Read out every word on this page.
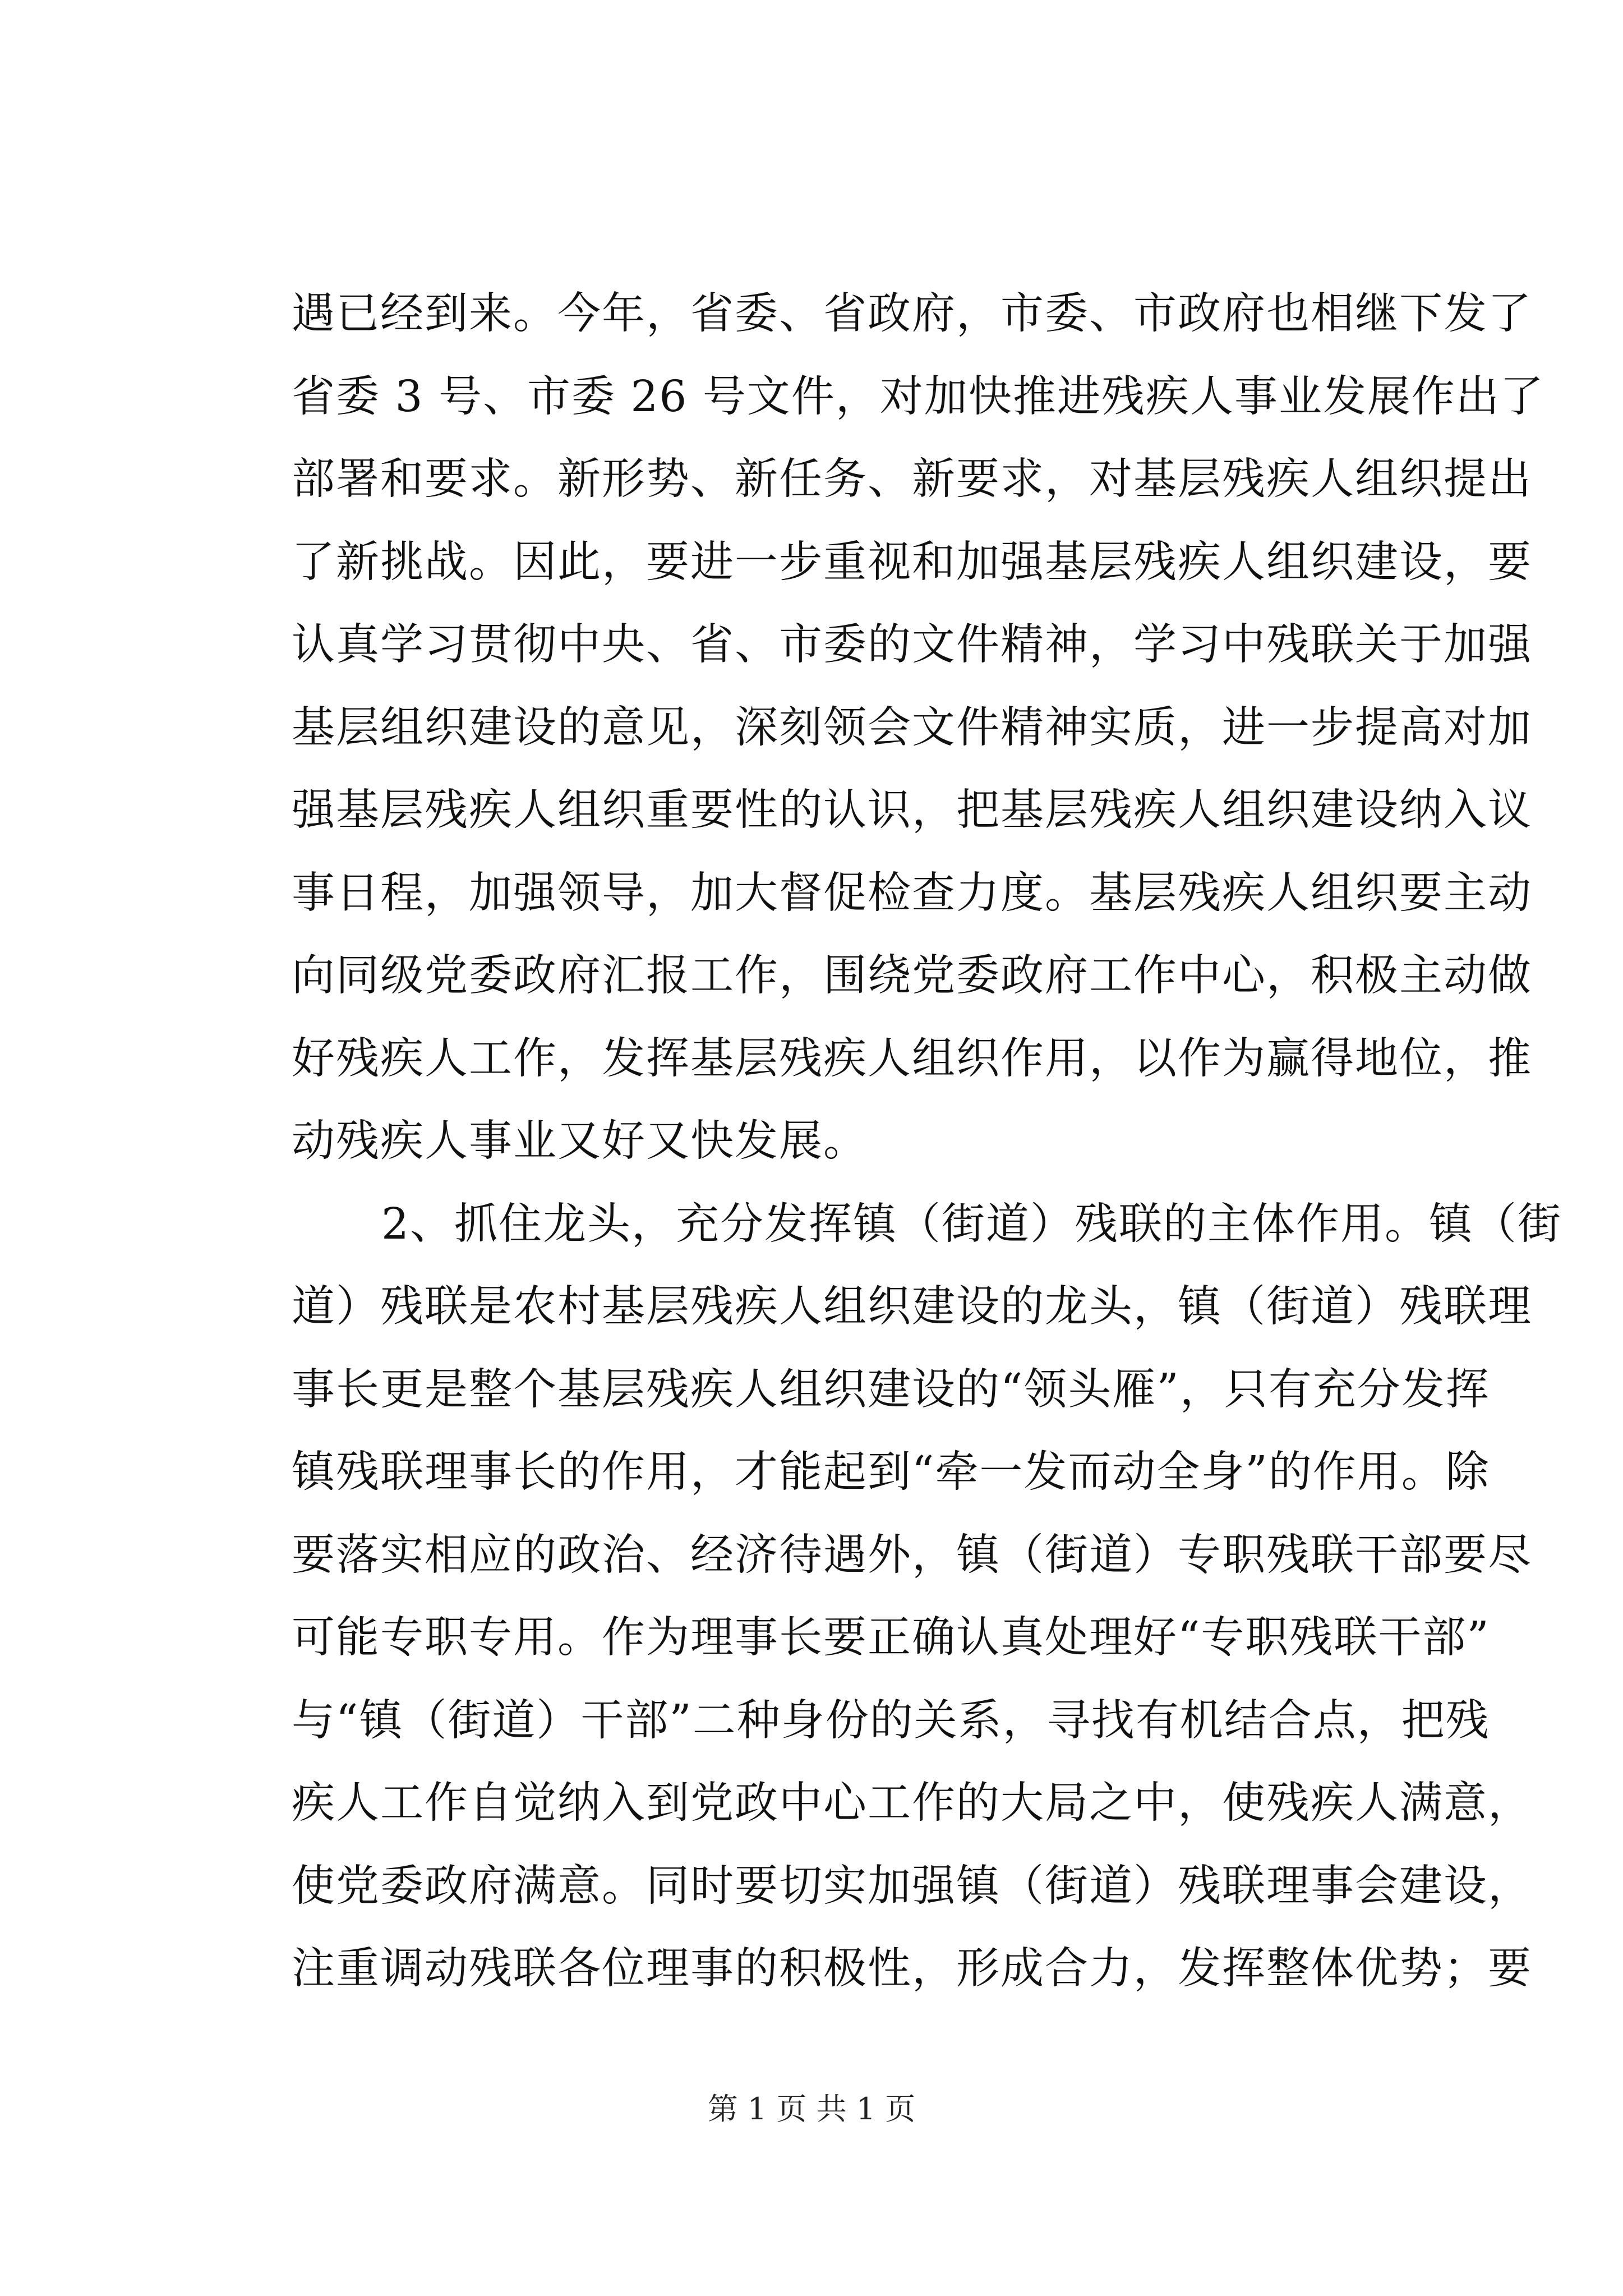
遇已经到来。今年，省委、省政府，市委、市政府也相继下发了
省委 3 号、市委 26 号文件，对加快推进残疾人事业发展作出了
部署和要求。新形势、新任务、新要求，对基层残疾人组织提出
了新挑战。因此，要进一步重视和加强基层残疾人组织建设，要
认真学习贯彻中央、省、市委的文件精神，学习中残联关于加强
基层组织建设的意见，深刻领会文件精神实质，进一步提高对加
强基层残疾人组织重要性的认识，把基层残疾人组织建设纳入议
事日程，加强领导，加大督促检查力度。基层残疾人组织要主动
向同级党委政府汇报工作，围绕党委政府工作中心，积极主动做
好残疾人工作，发挥基层残疾人组织作用，以作为赢得地位，推
动残疾人事业又好又快发展。
2、抓住龙头，充分发挥镇（街道）残联的主体作用。镇（街
道）残联是农村基层残疾人组织建设的龙头，镇（街道）残联理
事长更是整个基层残疾人组织建设的“领头雁”，只有充分发挥
镇残联理事长的作用，才能起到“牵一发而动全身”的作用。除
要落实相应的政治、经济待遇外，镇（街道）专职残联干部要尽
可能专职专用。作为理事长要正确认真处理好“专职残联干部”
与“镇（街道）干部”二种身份的关系，寻找有机结合点，把残
疾人工作自觉纳入到党政中心工作的大局之中，使残疾人满意，
使党委政府满意。同时要切实加强镇（街道）残联理事会建设，
注重调动残联各位理事的积极性，形成合力，发挥整体优势；要
第 1 页 共 1 页
